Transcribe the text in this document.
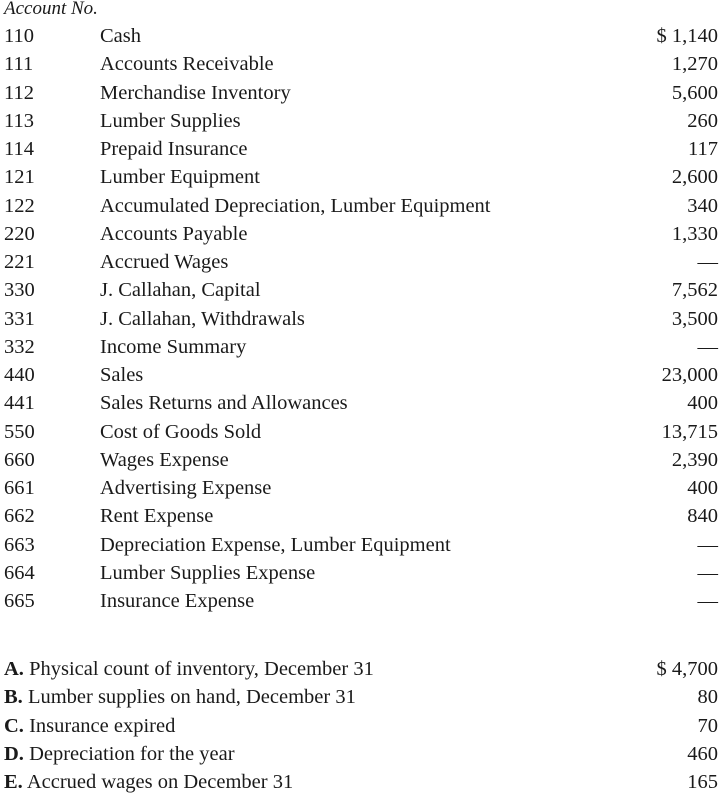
Account No.
110	Cash	$ 1,140
111	Accounts Receivable	1,270
112	Merchandise Inventory	5,600
113	Lumber Supplies	260
114	Prepaid Insurance	117
121	Lumber Equipment	2,600
122	Accumulated Depreciation, Lumber Equipment	340
220	Accounts Payable	1,330
221	Accrued Wages	—
330	J. Callahan, Capital	7,562
331	J. Callahan, Withdrawals	3,500
332	Income Summary	—
440	Sales	23,000
441	Sales Returns and Allowances	400
550	Cost of Goods Sold	13,715
660	Wages Expense	2,390
661	Advertising Expense	400
662	Rent Expense	840
663	Depreciation Expense, Lumber Equipment	—
664	Lumber Supplies Expense	—
665	Insurance Expense	—
A. Physical count of inventory, December 31	$ 4,700
B. Lumber supplies on hand, December 31	80
C. Insurance expired	70
D. Depreciation for the year	460
E. Accrued wages on December 31	165
